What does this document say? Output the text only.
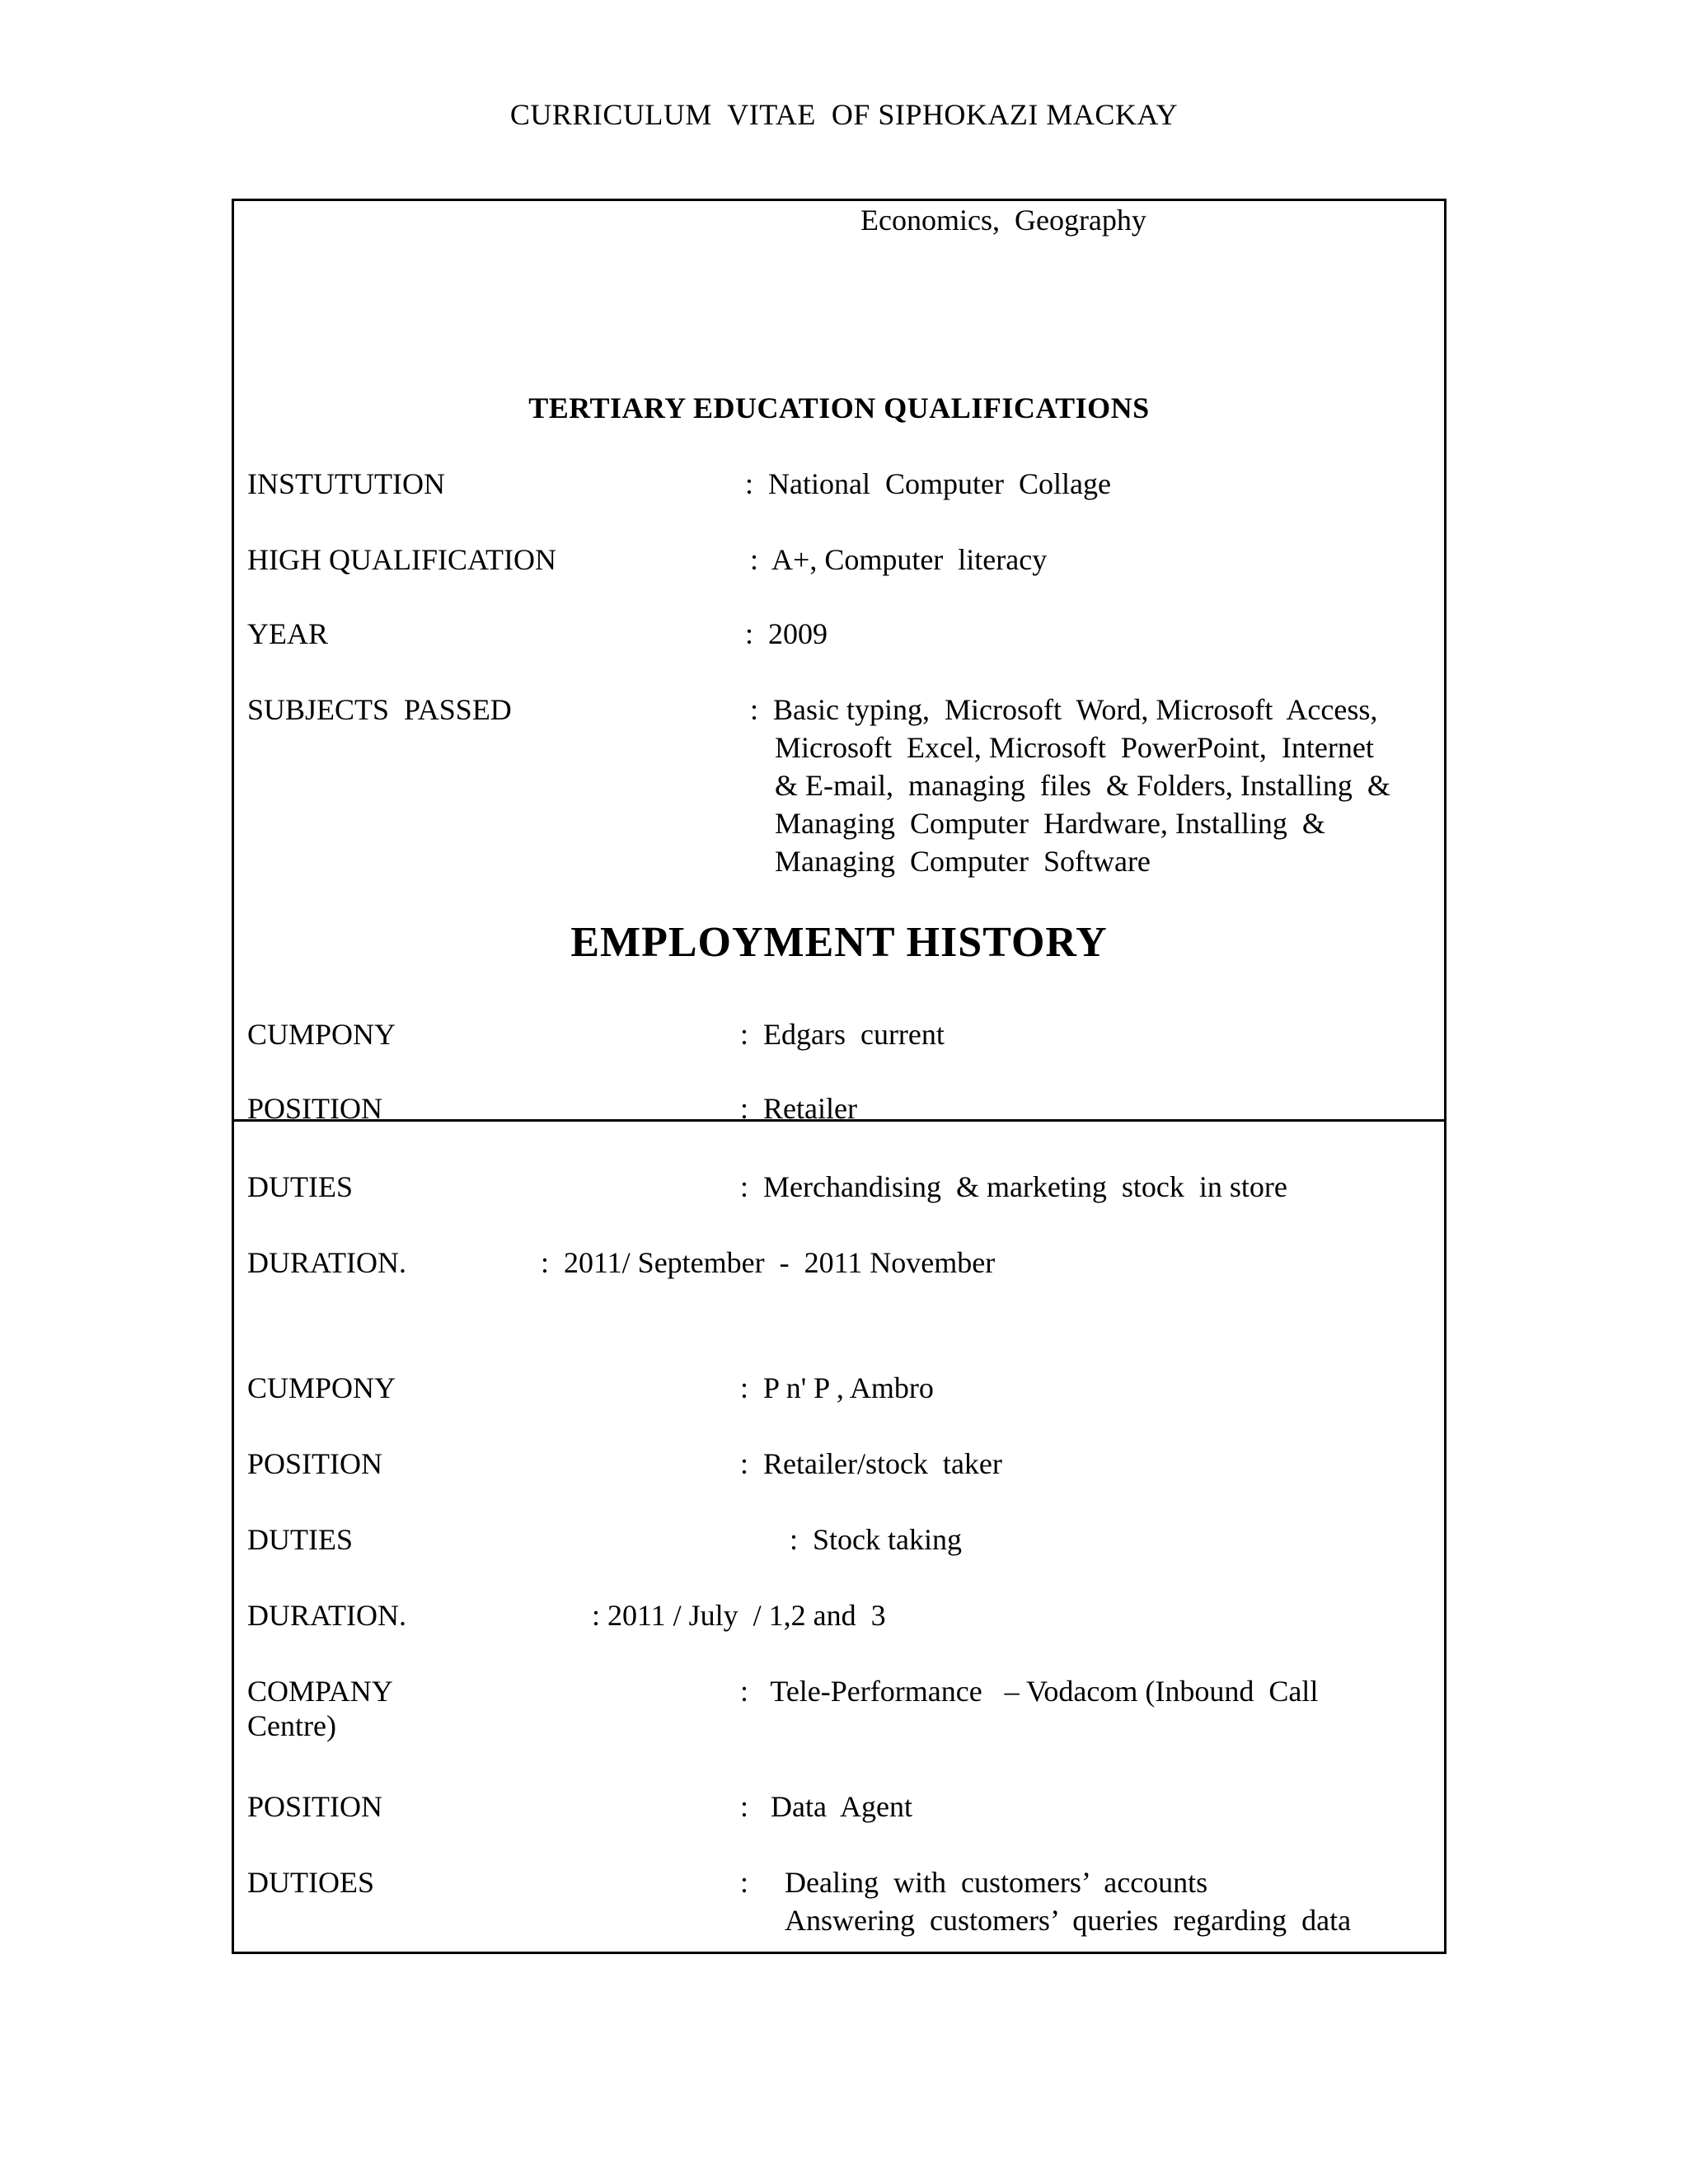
CURRICULUM  VITAE  OF SIPHOKAZI MACKAY
Economics,  Geography
TERTIARY EDUCATION QUALIFICATIONS
INSTUTUTION	:  National  Computer  Collage
HIGH QUALIFICATION	:  A+, Computer  literacy
YEAR	:  2009
SUBJECTS  PASSED	:  Basic typing,  Microsoft  Word, Microsoft  Access,
Microsoft  Excel, Microsoft  PowerPoint,  Internet
& E-mail,  managing  files  & Folders, Installing  &
Managing  Computer  Hardware, Installing  &
Managing  Computer  Software
EMPLOYMENT HISTORY
CUMPONY	:  Edgars  current
POSITION	:  Retailer
DUTIES	:  Merchandising  & marketing  stock  in store
DURATION.	:  2011/ September  -  2011 November
CUMPONY	:  P n' P , Ambro
POSITION	:  Retailer/stock  taker
DUTIES	:  Stock taking
DURATION.	: 2011 / July  / 1,2 and  3
COMPANY	:   Tele-Performance   – Vodacom (Inbound  Call
Centre)
POSITION	:   Data  Agent
DUTIOES	: Dealing  with  customers’  accounts
Answering  customers’  queries  regarding  data
